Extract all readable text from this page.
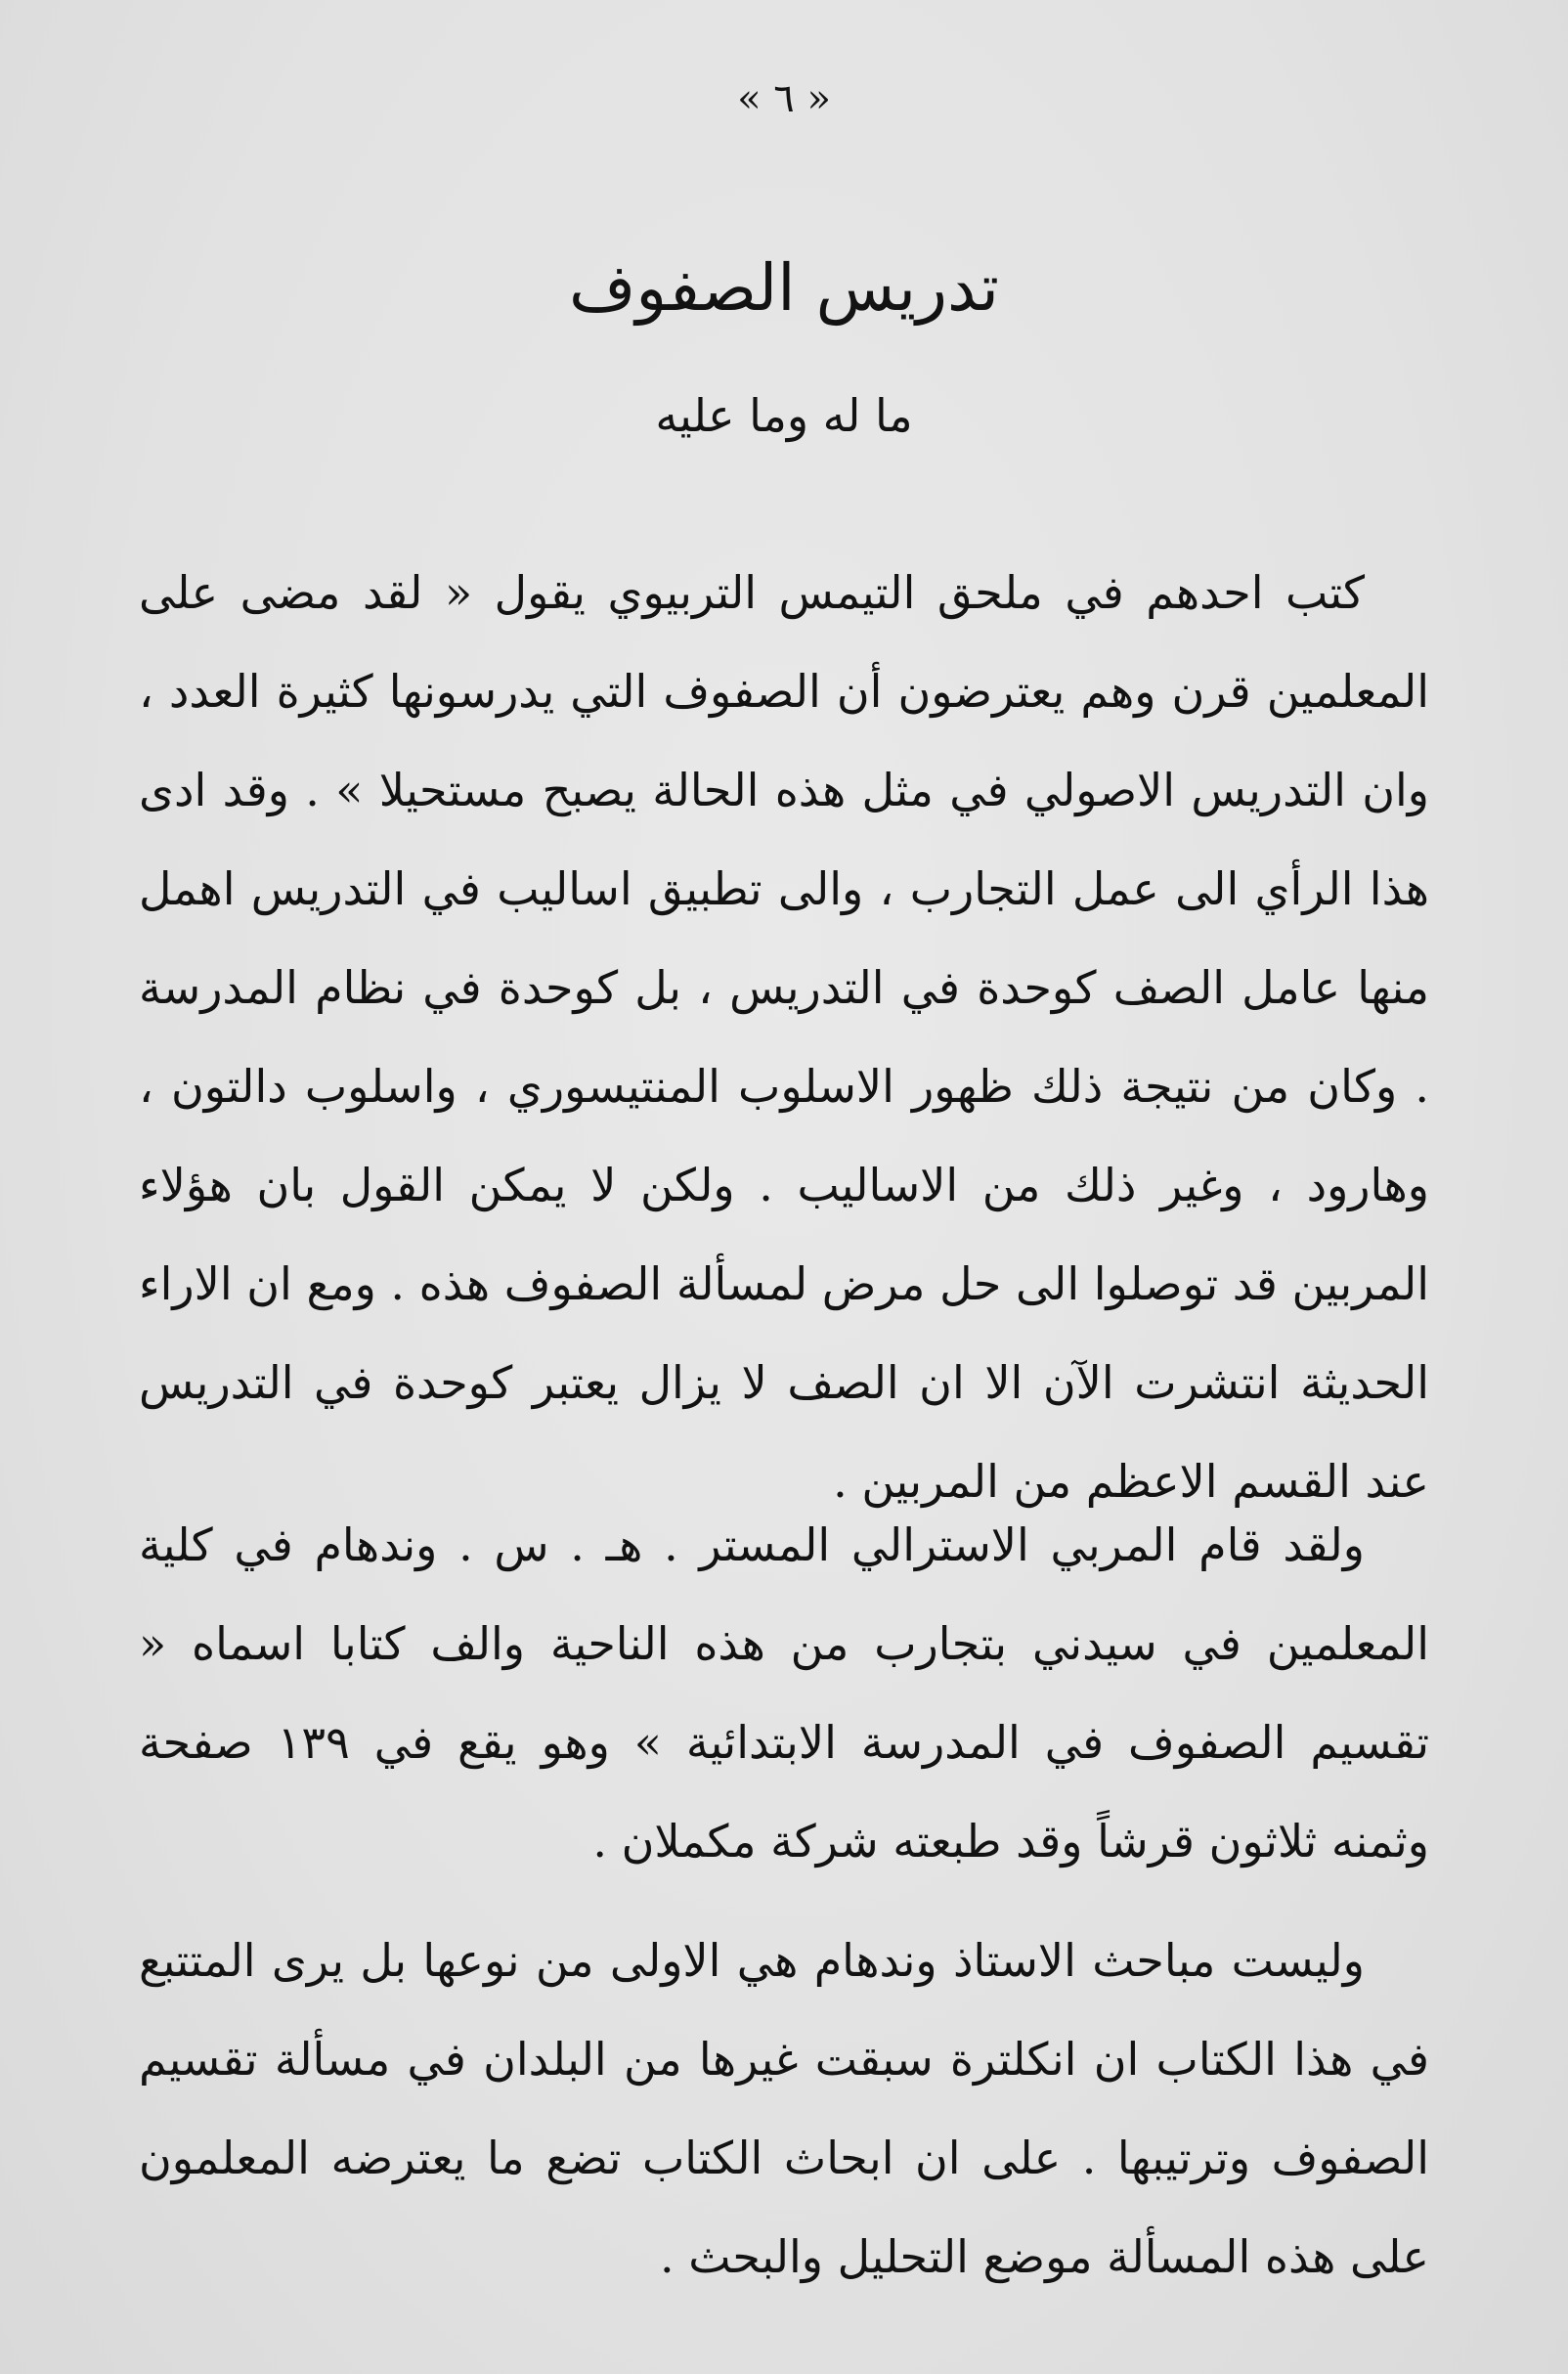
« ٦ »
تدريس الصفوف
ما له وما عليه

كتب احدهم في ملحق التيمس التربيوي يقول « لقد مضى على المعلمين قرن وهم يعترضون أن الصفوف التي يدرسونها كثيرة العدد ، وان التدريس الاصولي في مثل هذه الحالة يصبح مستحيلا » . وقد ادى هذا الرأي الى عمل التجارب ، والى تطبيق اساليب في التدريس اهمل منها عامل الصف كوحدة في التدريس ، بل كوحدة في نظام المدرسة . وكان من نتيجة ذلك ظهور الاسلوب المنتيسوري ، واسلوب دالتون ، وهارود ، وغير ذلك من الاساليب . ولكن لا يمكن القول بان هؤلاء المربين قد توصلوا الى حل مرض لمسألة الصفوف هذه . ومع ان الاراء الحديثة انتشرت الآن الا ان الصف لا يزال يعتبر كوحدة في التدريس عند القسم الاعظم من المربين .

ولقد قام المربي الاسترالي المستر . هـ . س . وندهام في كلية المعلمين في سيدني بتجارب من هذه الناحية والف كتابا اسماه « تقسيم الصفوف في المدرسة الابتدائية » وهو يقع في ١٣٩ صفحة وثمنه ثلاثون قرشاً وقد طبعته شركة مكملان .

وليست مباحث الاستاذ وندهام هي الاولى من نوعها بل يرى المتتبع في هذا الكتاب ان انكلترة سبقت غيرها من البلدان في مسألة تقسيم الصفوف وترتيبها . على ان ابحاث الكتاب تضع ما يعترضه المعلمون على هذه المسألة موضع التحليل والبحث .
